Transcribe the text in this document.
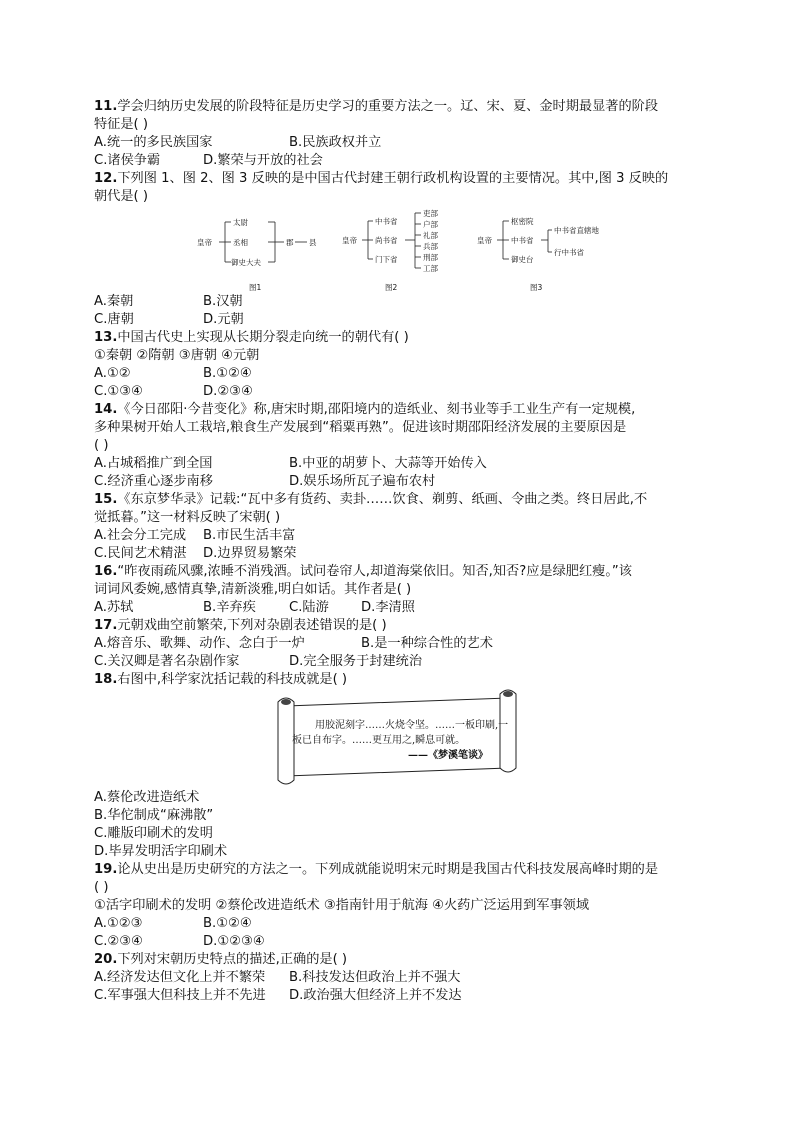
11.学会归纳历史发展的阶段特征是历史学习的重要方法之一。辽、宋、夏、金时期最显著的阶段
特征是( )
A.统一的多民族国家	B.民族政权并立
C.诸侯争霸	D.繁荣与开放的社会
12.下列图 1、图 2、图 3 反映的是中国古代封建王朝行政机构设置的主要情况。其中,图 3 反映的
朝代是( )
皇帝
太尉
丞相
御史大夫
郡 县
图1
皇帝
中书省
尚书省
门下省
吏部
户部
礼部
兵部
刑部
工部
图2
皇帝
枢密院
中书省
御史台
中书省直辖地
行中书省
图3
A.秦朝	B.汉朝
C.唐朝	D.元朝
13.中国古代史上实现从长期分裂走向统一的朝代有( )
①秦朝 ②隋朝 ③唐朝 ④元朝
A.①②	B.①②④
C.①③④	D.②③④
14.《今日邵阳·今昔变化》称,唐宋时期,邵阳境内的造纸业、刻书业等手工业生产有一定规模,
多种果树开始人工栽培,粮食生产发展到“稻粟再熟”。促进该时期邵阳经济发展的主要原因是
( )
A.占城稻推广到全国	B.中亚的胡萝卜、大蒜等开始传入
C.经济重心逐步南移	D.娱乐场所瓦子遍布农村
15.《东京梦华录》记载:“瓦中多有货药、卖卦……饮食、剃剪、纸画、令曲之类。终日居此,不
觉抵暮。”这一材料反映了宋朝( )
A.社会分工完成 B.市民生活丰富
C.民间艺术精湛 D.边界贸易繁荣
16.“昨夜雨疏风骤,浓睡不消残酒。试问卷帘人,却道海棠依旧。知否,知否?应是绿肥红瘦。”该
词词风委婉,感情真挚,清新淡雅,明白如话。其作者是( )
A.苏轼	B.辛弃疾	C.陆游 D.李清照
17.元朝戏曲空前繁荣,下列对杂剧表述错误的是( )
A.熔音乐、歌舞、动作、念白于一炉	B.是一种综合性的艺术
C.关汉卿是著名杂剧作家	D.完全服务于封建统治
18.右图中,科学家沈括记载的科技成就是( )
用胶泥刻字……火烧令坚。……一板印刷,一
板已自布字。……更互用之,瞬息可就。
——《梦溪笔谈》
A.蔡伦改进造纸术
B.华佗制成“麻沸散”
C.雕版印刷术的发明
D.毕昇发明活字印刷术
19.论从史出是历史研究的方法之一。下列成就能说明宋元时期是我国古代科技发展高峰时期的是
( )
①活字印刷术的发明 ②蔡伦改进造纸术 ③指南针用于航海 ④火药广泛运用到军事领域
A.①②③	B.①②④
C.②③④	D.①②③④
20.下列对宋朝历史特点的描述,正确的是( )
A.经济发达但文化上并不繁荣 B.科技发达但政治上并不强大
C.军事强大但科技上并不先进 D.政治强大但经济上并不发达
